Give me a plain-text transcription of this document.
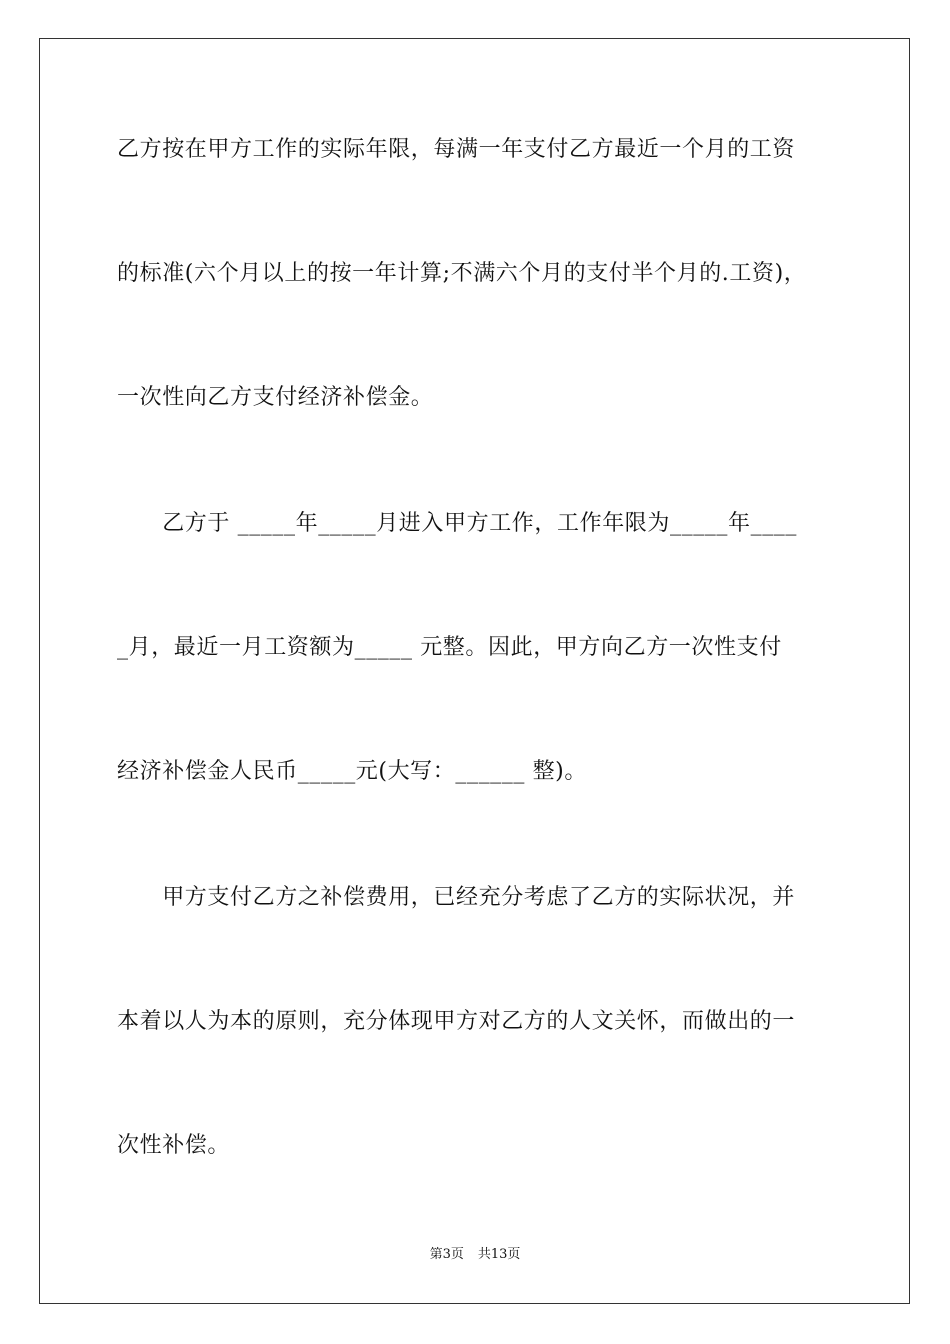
乙方按在甲方工作的实际年限，每满一年支付乙方最近一个月的工资
的标准(六个月以上的按一年计算;不满六个月的支付半个月的.工资)，
一次性向乙方支付经济补偿金。
　　乙方于 _____年_____月进入甲方工作，工作年限为_____年____
_月，最近一月工资额为_____ 元整。因此，甲方向乙方一次性支付
经济补偿金人民币_____元(大写：______ 整)。
　　甲方支付乙方之补偿费用，已经充分考虑了乙方的实际状况，并
本着以人为本的原则，充分体现甲方对乙方的人文关怀，而做出的一
次性补偿。
第3页 共13页
